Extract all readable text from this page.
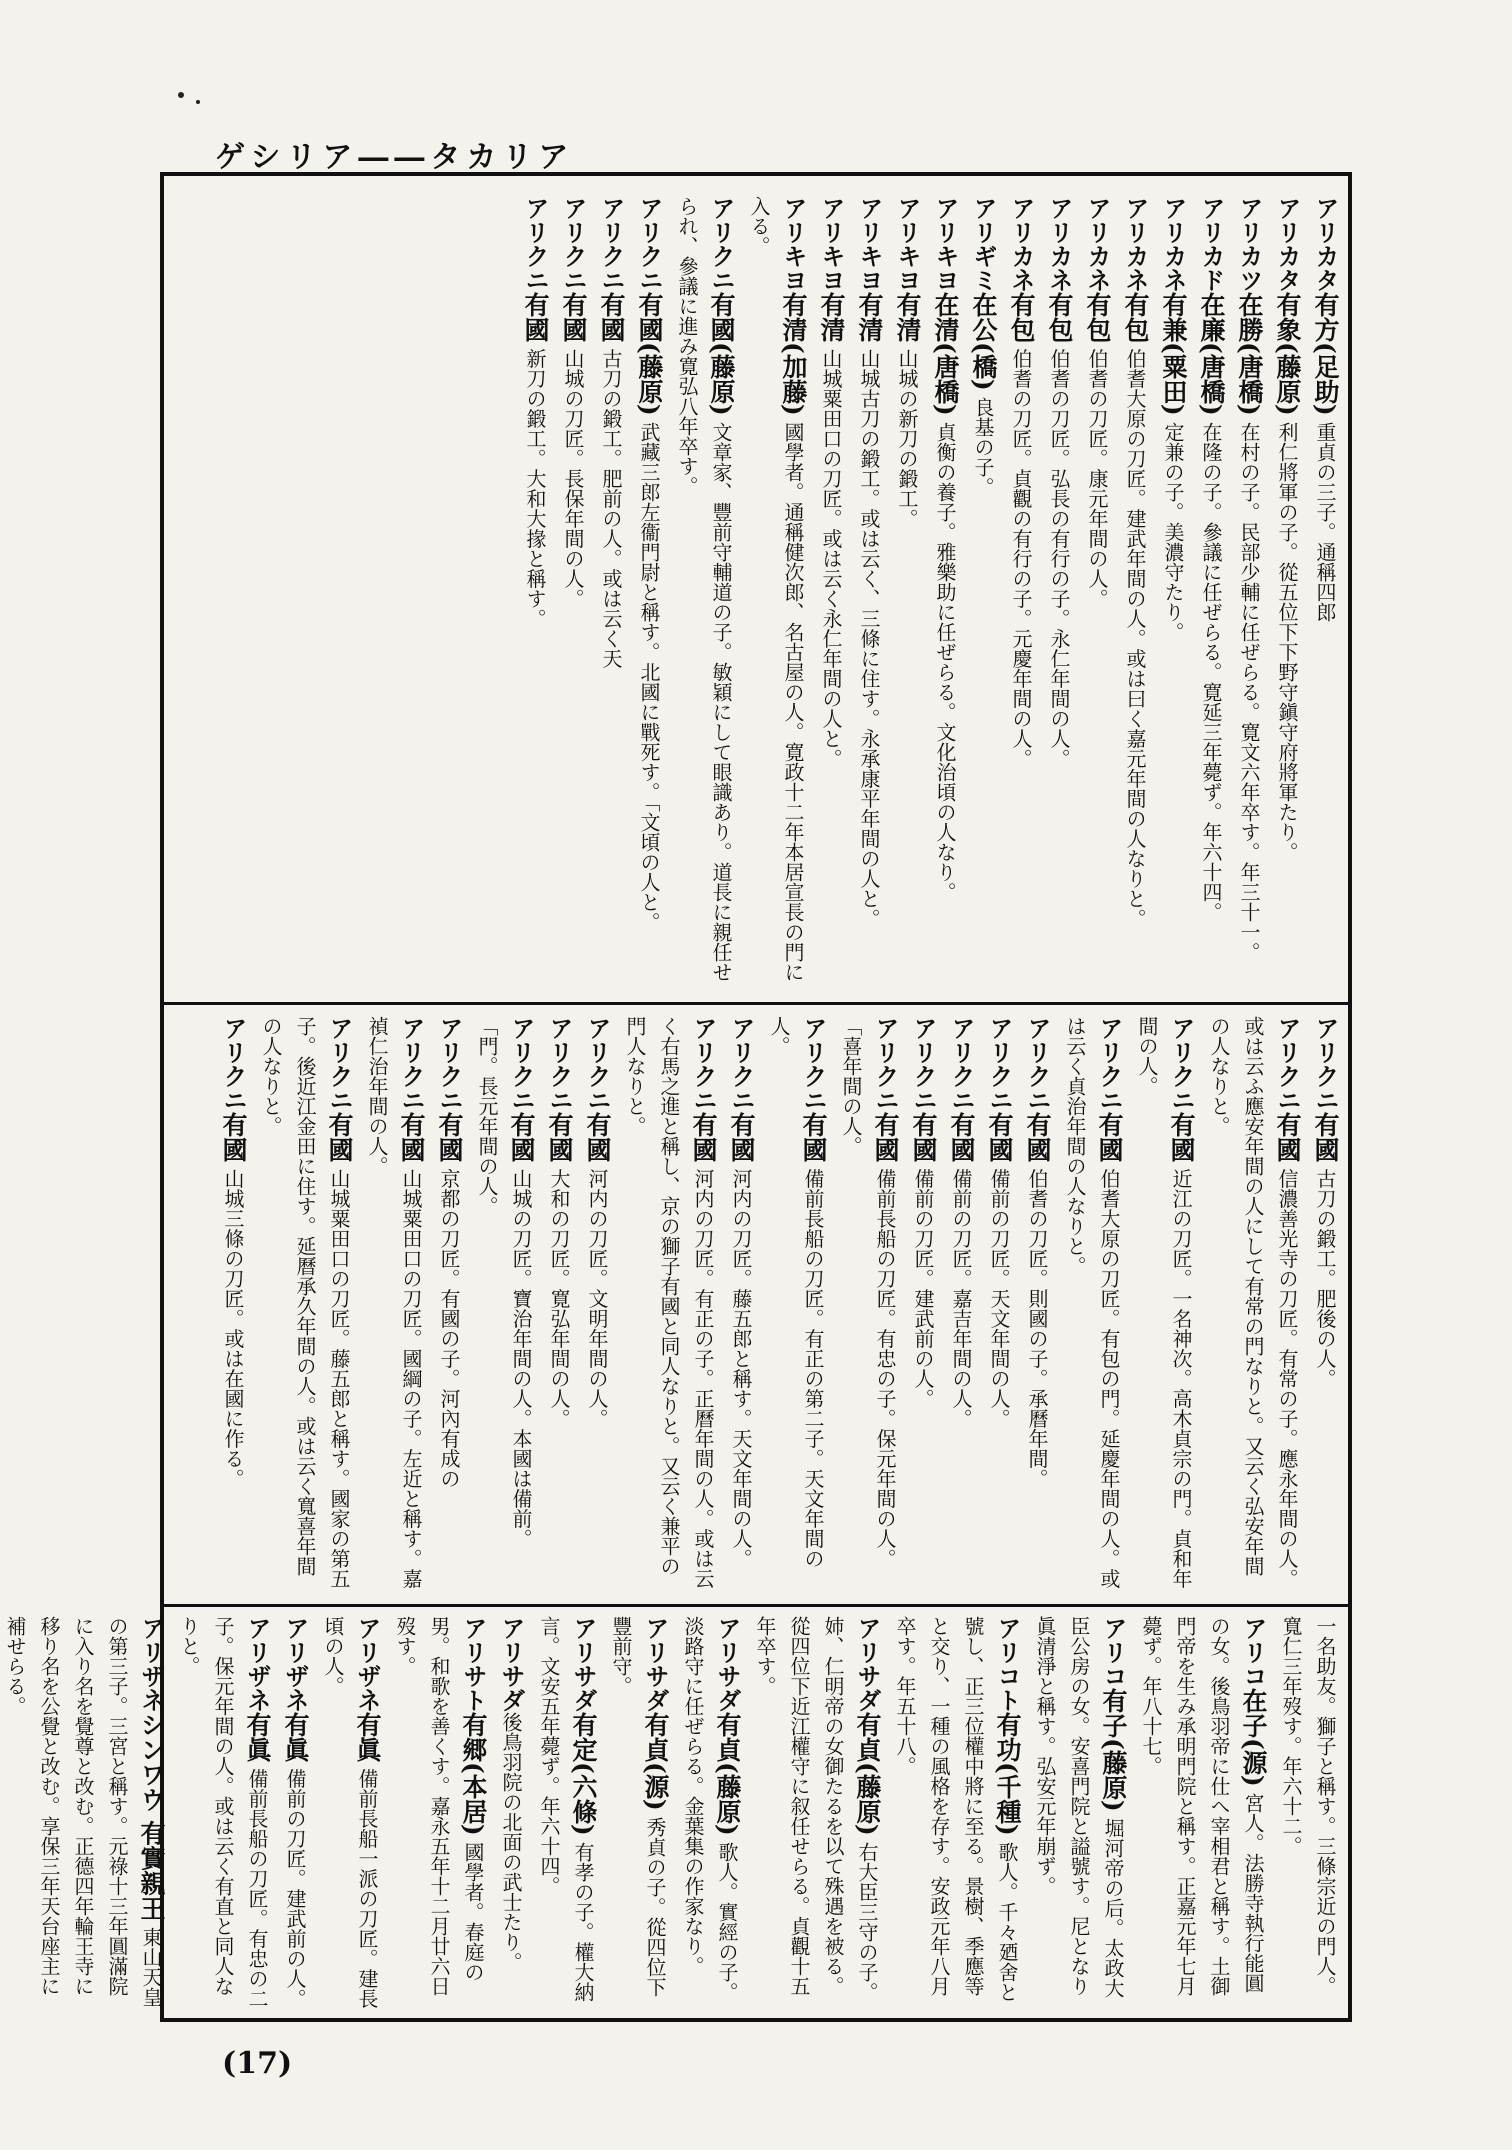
ゲシリア――タカリア
アリカタ有方(足助) 重貞の三子。通稱四郎
アリカタ有象(藤原) 利仁將軍の子。從五位下下野守鎭守府將軍たり。
アリカツ在勝(唐橋) 在村の子。民部少輔に任ぜらる。寛文六年卒す。年三十一。
アリカド在廉(唐橋) 在隆の子。參議に任ぜらる。寛延三年薨ず。年六十四。
アリカネ有兼(粟田) 定兼の子。美濃守たり。
アリカネ有包 伯耆大原の刀匠。建武年間の人。或は曰く嘉元年間の人なりと。
アリカネ有包 伯耆の刀匠。康元年間の人。
アリカネ有包 伯耆の刀匠。弘長の有行の子。永仁年間の人。
アリカネ有包 伯耆の刀匠。貞觀の有行の子。元慶年間の人。
アリギミ在公(橋) 良基の子。
アリキヨ在清(唐橋) 貞衡の養子。雅樂助に任ぜらる。文化治頃の人なり。
アリキヨ有清 山城の新刀の鍛工。
アリキヨ有清 山城古刀の鍛工。或は云く、三條に住す。永承康平年間の人と。
アリキヨ有清 山城粟田口の刀匠。或は云く永仁年間の人と。
アリキヨ有清(加藤) 國學者。通稱健次郎、名古屋の人。寛政十二年本居宣長の門に入る。
アリクニ有國(藤原) 文章家、豐前守輔道の子。敏穎にして眼識あり。道長に親任せられ、參議に進み寛弘八年卒す。
アリクニ有國(藤原) 武藏三郎左衞門尉と稱す。北國に戰死す。「文頃の人と。
アリクニ有國 古刀の鍛工。肥前の人。或は云く天
アリクニ有國 山城の刀匠。長保年間の人。
アリクニ有國 新刀の鍛工。大和大掾と稱す。
アリクニ有國 古刀の鍛工。肥後の人。
アリクニ有國 信濃善光寺の刀匠。有常の子。應永年間の人。或は云ふ應安年間の人にして有常の門なりと。又云く弘安年間の人なりと。
アリクニ有國 近江の刀匠。一名神次。高木貞宗の門。貞和年間の人。
アリクニ有國 伯耆大原の刀匠。有包の門。延慶年間の人。或は云く貞治年間の人なりと。
アリクニ有國 伯耆の刀匠。則國の子。承曆年間。
アリクニ有國 備前の刀匠。天文年間の人。
アリクニ有國 備前の刀匠。嘉吉年間の人。
アリクニ有國 備前の刀匠。建武前の人。
アリクニ有國 備前長船の刀匠。有忠の子。保元年間の人。「喜年間の人。
アリクニ有國 備前長船の刀匠。有正の第二子。天文年間の人。
アリクニ有國 河内の刀匠。藤五郎と稱す。天文年間の人。
アリクニ有國 河内の刀匠。有正の子。正曆年間の人。或は云く右馬之進と稱し、京の獅子有國と同人なりと。又云く兼平の門人なりと。
アリクニ有國 河内の刀匠。文明年間の人。
アリクニ有國 大和の刀匠。寛弘年間の人。
アリクニ有國 山城の刀匠。寶治年間の人。本國は備前。「門。長元年間の人。
アリクニ有國 京都の刀匠。有國の子。河內有成の
アリクニ有國 山城粟田口の刀匠。國綱の子。左近と稱す。嘉禎仁治年間の人。
アリクニ有國 山城粟田口の刀匠。藤五郎と稱す。國家の第五子。後近江金田に住す。延曆承久年間の人。或は云く寬喜年間の人なりと。
アリクニ有國 山城三條の刀匠。或は在國に作る。
一名助友。獅子と稱す。三條宗近の門人。寬仁三年歿す。年六十二。
アリコ在子(源) 宮人。法勝寺執行能圓の女。後鳥羽帝に仕へ宰相君と稱す。土御門帝を生み承明門院と稱す。正嘉元年七月薨ず。年八十七。
アリコ有子(藤原) 堀河帝の后。太政大臣公房の女。安喜門院と謚號す。尼となり眞清淨と稱す。弘安元年崩ず。
アリコト有功(千種) 歌人。千々廼舍と號し、正三位權中將に至る。景樹、季應等と交り、一種の風格を存す。安政元年八月卒す。年五十八。
アリサダ有貞(藤原) 右大臣三守の子。姉、仁明帝の女御たるを以て殊遇を被る。從四位下近江權守に叙任せらる。貞觀十五年卒す。
アリサダ有貞(藤原) 歌人。實經の子。淡路守に任ぜらる。金葉集の作家なり。
アリサダ有貞(源) 秀貞の子。從四位下豐前守。
アリサダ有定(六條) 有孝の子。權大納言。文安五年薨ず。年六十四。
アリサダ後鳥羽院の北面の武士たり。
アリサト有郷(本居) 國學者。春庭の男。和歌を善くす。嘉永五年十二月廿六日歿す。
アリザネ有眞 備前長船一派の刀匠。建長頃の人。
アリザネ有眞 備前の刀匠。建武前の人。
アリザネ有眞 備前長船の刀匠。有忠の二子。保元年間の人。或は云く有直と同人なりと。
アリザネシンワウ 有實親王 東山天皇の第三子。三宮と稱す。元祿十三年圓滿院に入り名を覺尊と改む。正德四年輪王寺に移り名を公覺と改む。享保三年天台座主に補せらる。
(17)
